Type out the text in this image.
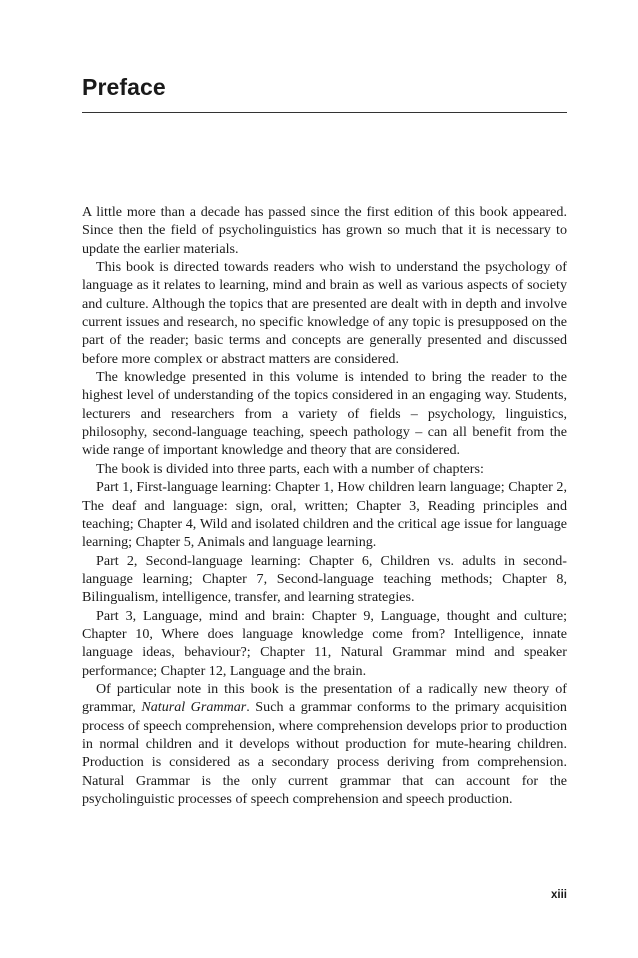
Preface

A little more than a decade has passed since the first edition of this book appeared. Since then the field of psycholinguistics has grown so much that it is necessary to update the earlier materials.

This book is directed towards readers who wish to understand the psychology of language as it relates to learning, mind and brain as well as various aspects of society and culture. Although the topics that are presented are dealt with in depth and involve current issues and research, no specific knowledge of any topic is presupposed on the part of the reader; basic terms and concepts are generally presented and discussed before more complex or abstract matters are considered.

The knowledge presented in this volume is intended to bring the reader to the highest level of understanding of the topics considered in an engaging way. Students, lecturers and researchers from a variety of fields – psychology, linguistics, philosophy, second-language teaching, speech pathology – can all benefit from the wide range of important knowledge and theory that are considered.

The book is divided into three parts, each with a number of chapters:

Part 1, First-language learning: Chapter 1, How children learn language; Chapter 2, The deaf and language: sign, oral, written; Chapter 3, Reading principles and teaching; Chapter 4, Wild and isolated children and the critical age issue for language learning; Chapter 5, Animals and language learning.

Part 2, Second-language learning: Chapter 6, Children vs. adults in second-language learning; Chapter 7, Second-language teaching methods; Chapter 8, Bilingualism, intelligence, transfer, and learning strategies.

Part 3, Language, mind and brain: Chapter 9, Language, thought and culture; Chapter 10, Where does language knowledge come from? Intelligence, innate language ideas, behaviour?; Chapter 11, Natural Grammar mind and speaker performance; Chapter 12, Language and the brain.

Of particular note in this book is the presentation of a radically new theory of grammar, Natural Grammar. Such a grammar conforms to the primary acquisition process of speech comprehension, where comprehension develops prior to production in normal children and it develops without production for mute-hearing children. Production is considered as a secondary process deriving from comprehension. Natural Grammar is the only current grammar that can account for the psycholinguistic processes of speech comprehension and speech production.

xiii
